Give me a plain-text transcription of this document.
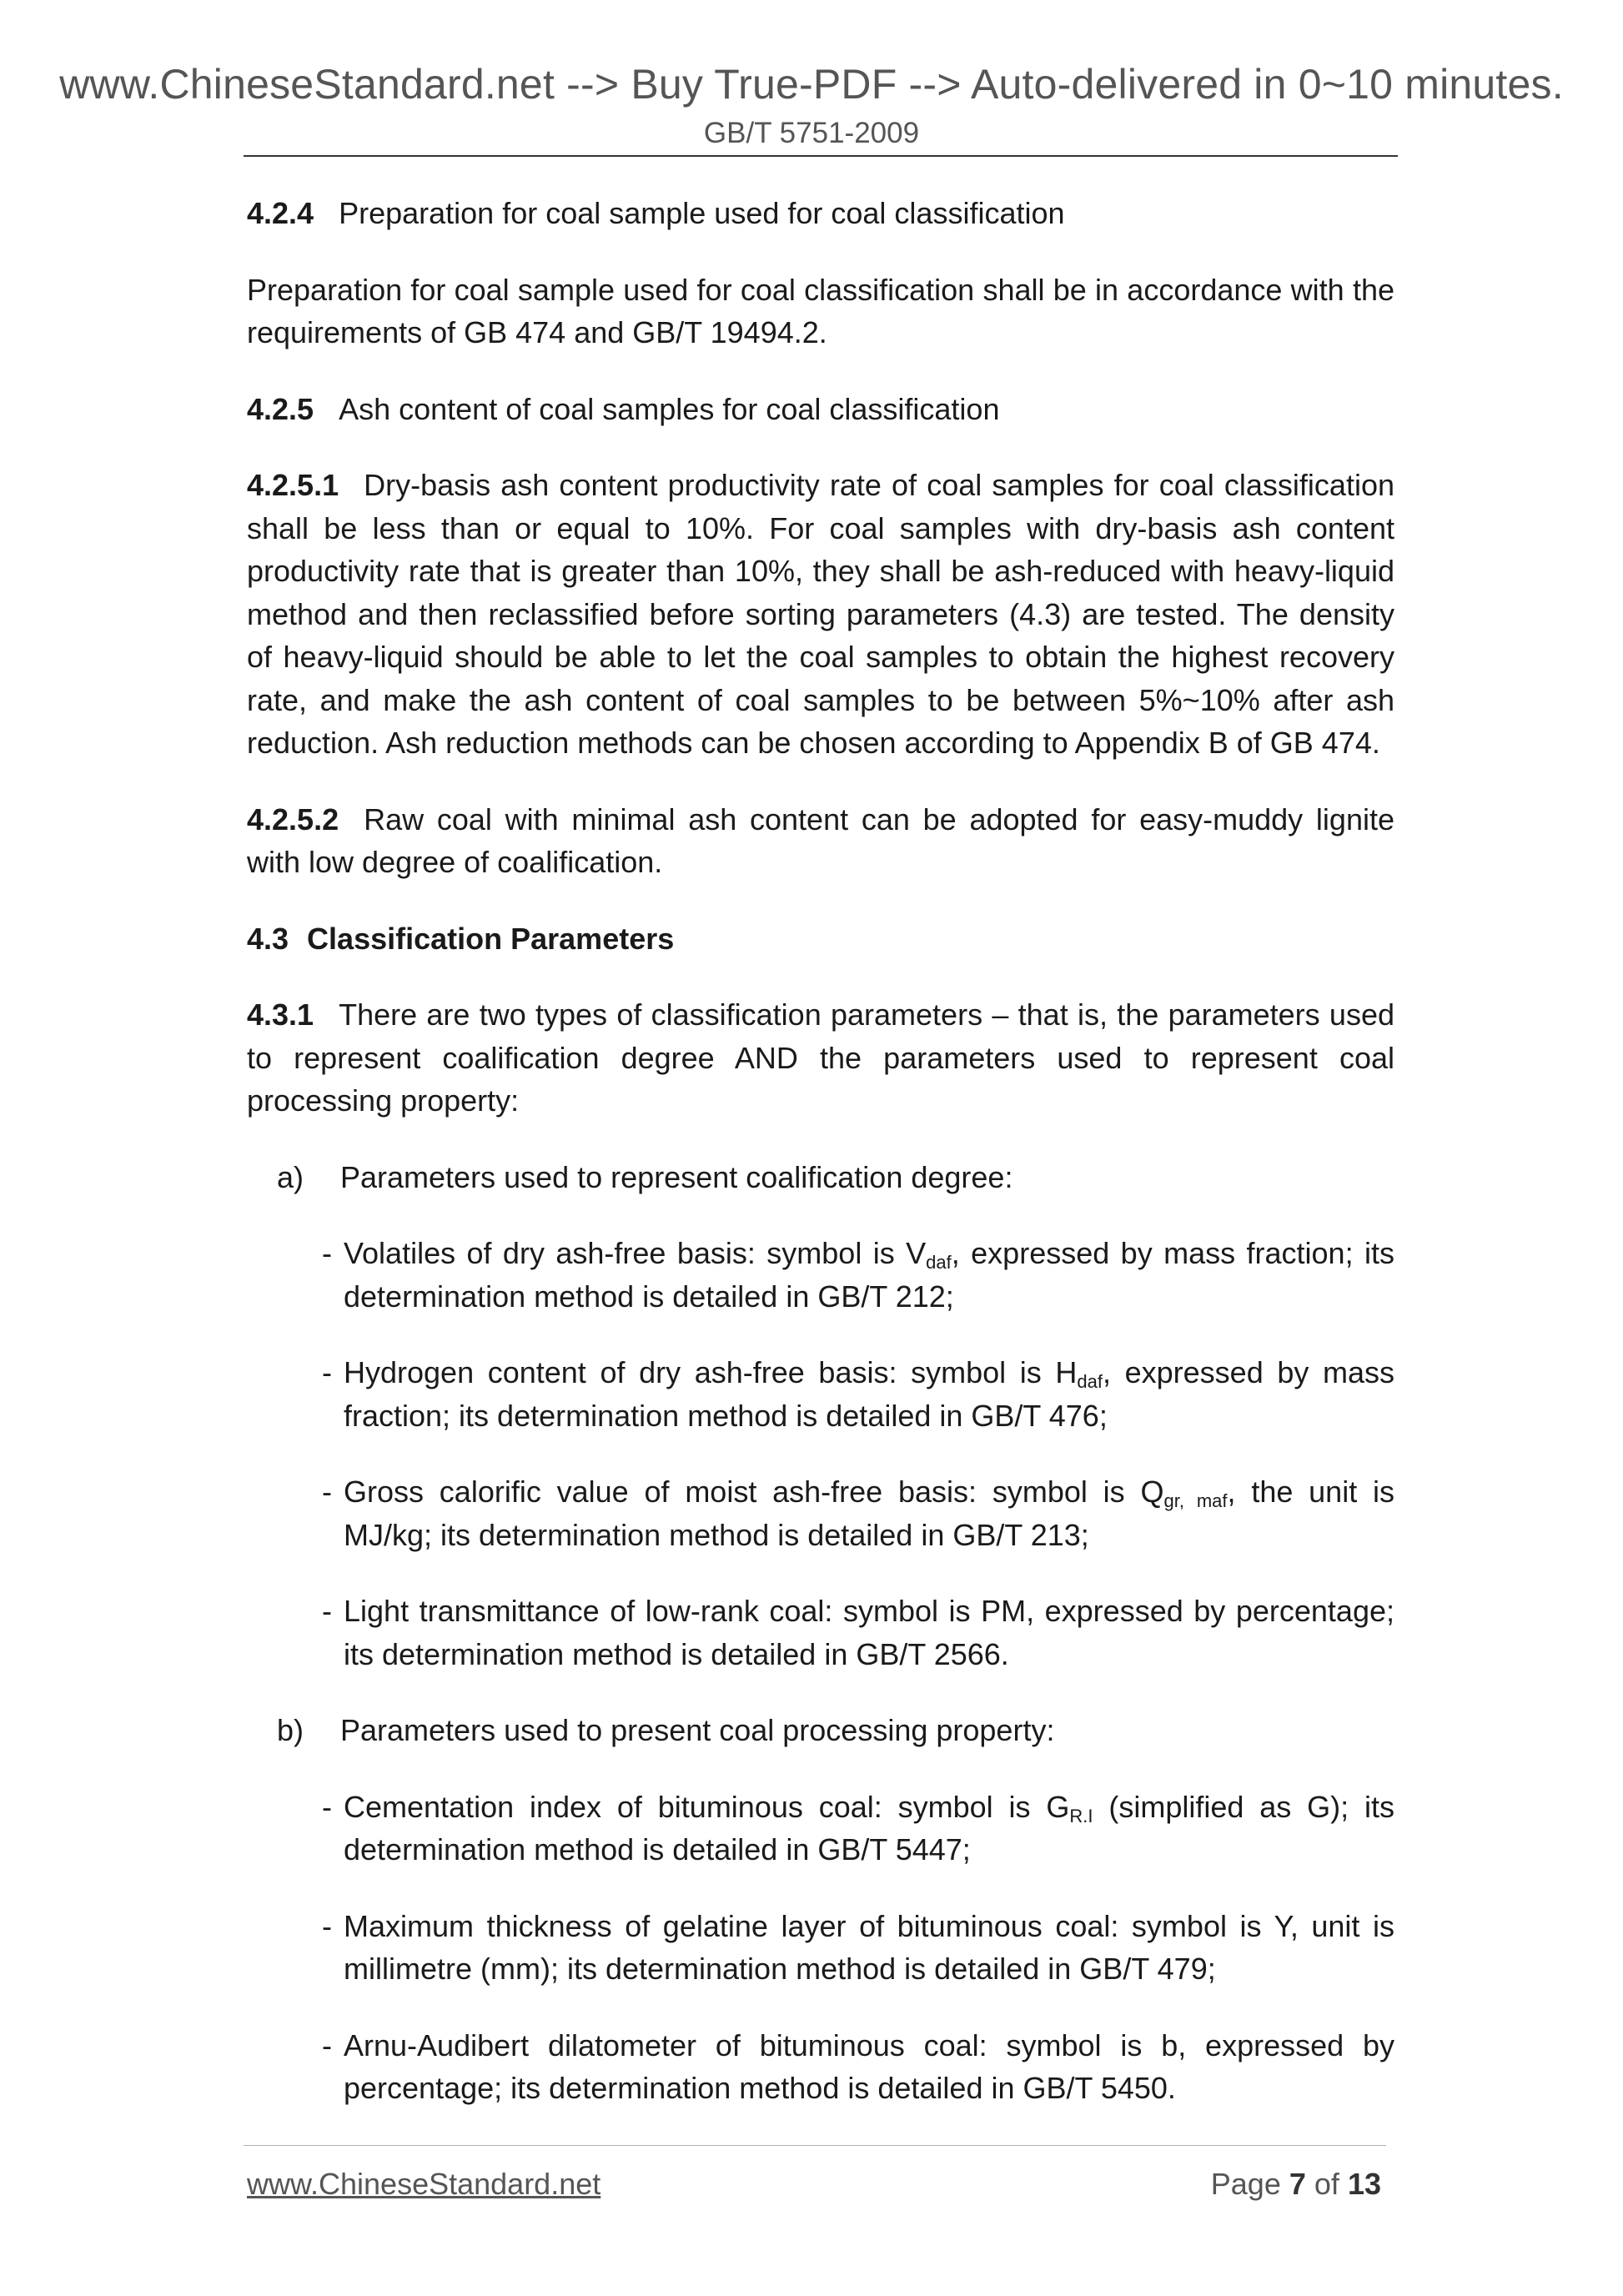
www.ChineseStandard.net --> Buy True-PDF --> Auto-delivered in 0~10 minutes.
GB/T 5751-2009

4.2.4 Preparation for coal sample used for coal classification

Preparation for coal sample used for coal classification shall be in accordance with the requirements of GB 474 and GB/T 19494.2.

4.2.5 Ash content of coal samples for coal classification

4.2.5.1 Dry-basis ash content productivity rate of coal samples for coal classification shall be less than or equal to 10%. For coal samples with dry-basis ash content productivity rate that is greater than 10%, they shall be ash-reduced with heavy-liquid method and then reclassified before sorting parameters (4.3) are tested. The density of heavy-liquid should be able to let the coal samples to obtain the highest recovery rate, and make the ash content of coal samples to be between 5%~10% after ash reduction. Ash reduction methods can be chosen according to Appendix B of GB 474.

4.2.5.2 Raw coal with minimal ash content can be adopted for easy-muddy lignite with low degree of coalification.

4.3 Classification Parameters

4.3.1 There are two types of classification parameters – that is, the parameters used to represent coalification degree AND the parameters used to represent coal processing property:

a)	Parameters used to represent coalification degree:
- Volatiles of dry ash-free basis: symbol is $V_{daf}$, expressed by mass fraction; its determination method is detailed in GB/T 212;
- Hydrogen content of dry ash-free basis: symbol is $H_{daf}$, expressed by mass fraction; its determination method is detailed in GB/T 476;
- Gross calorific value of moist ash-free basis: symbol is $Q_{gr, maf}$, the unit is MJ/kg; its determination method is detailed in GB/T 213;
- Light transmittance of low-rank coal: symbol is PM, expressed by percentage; its determination method is detailed in GB/T 2566.
b)	Parameters used to present coal processing property:
- Cementation index of bituminous coal: symbol is $G_{R.I}$ (simplified as G); its determination method is detailed in GB/T 5447;
- Maximum thickness of gelatine layer of bituminous coal: symbol is Y, unit is millimetre (mm); its determination method is detailed in GB/T 479;
- Arnu-Audibert dilatometer of bituminous coal: symbol is b, expressed by percentage; its determination method is detailed in GB/T 5450.
www.ChineseStandard.net	Page 7 of 13
